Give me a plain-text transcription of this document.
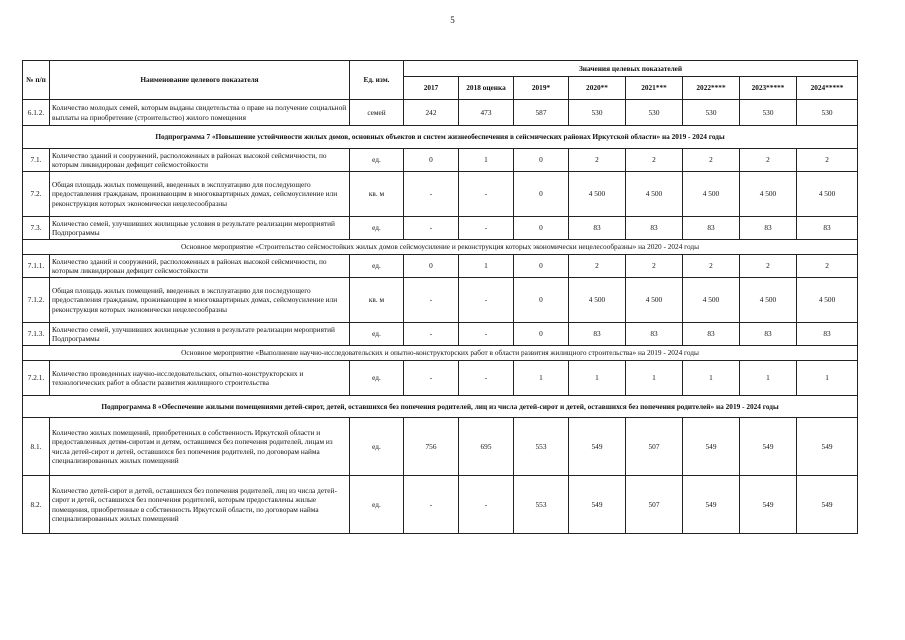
5
№ п/п	Наименование целевого показателя	Ед. изм.	Значения целевых показателей							
			2017	2018 оценка	2019*	2020**	2021***	2022****	2023*****	2024*****
6.1.2.	Количество молодых семей, которым выданы свидетельства о праве на получение социальной выплаты на приобретение (строительство) жилого помещения	семей	242	473	587	530	530	530	530	530
Подпрограмма 7 «Повышение устойчивости жилых домов, основных объектов и систем жизнеобеспечения в сейсмических районах Иркутской области» на 2019 - 2024 годы										
7.1.	Количество зданий и сооружений, расположенных в районах высокой сейсмичности, по которым ликвидирован дефицит сейсмостойкости	ед.	0	1	0	2	2	2	2	2
7.2.	Общая площадь жилых помещений, введенных в эксплуатацию для последующего предоставления гражданам, проживающим в многоквартирных домах, сейсмоусиление или реконструкция которых экономически нецелесообразны	кв. м	-	-	0	4 500	4 500	4 500	4 500	4 500
7.3.	Количество семей, улучшивших жилищные условия в результате реализации мероприятий Подпрограммы	ед.	-	-	0	83	83	83	83	83
Основное мероприятие «Строительство сейсмостойких жилых домов сейсмоусиление и реконструкция которых экономически нецелесообразны» на 2020 - 2024 годы										
7.1.1.	Количество зданий и сооружений, расположенных в районах высокой сейсмичности, по которым ликвидирован дефицит сейсмостойкости	ед.	0	1	0	2	2	2	2	2
7.1.2.	Общая площадь жилых помещений, введенных в эксплуатацию для последующего предоставления гражданам, проживающим в многоквартирных домах, сейсмоусиление или реконструкция которых экономически нецелесообразны	кв. м	-	-	0	4 500	4 500	4 500	4 500	4 500
7.1.3.	Количество семей, улучшивших жилищные условия в результате реализации мероприятий Подпрограммы	ед.	-	-	0	83	83	83	83	83
Основное мероприятие «Выполнение научно-исследовательских и опытно-конструкторских работ в области развития жилищного строительства» на 2019 - 2024 годы										
7.2.1.	Количество проведенных научно-исследовательских, опытно-конструкторских и технологических работ в области развития жилищного строительства	ед.	-	-	1	1	1	1	1	1
Подпрограмма 8 «Обеспечение жилыми помещениями детей-сирот, детей, оставшихся без попечения родителей, лиц из числа детей-сирот и детей, оставшихся без попечения родителей» на 2019 - 2024 годы										
8.1.	Количество жилых помещений, приобретенных в собственность Иркутской области и предоставленных детям-сиротам и детям, оставшимся без попечения родителей, лицам из числа детей-сирот и детей, оставшихся без попечения родителей, по договорам найма специализированных жилых помещений	ед.	756	695	553	549	507	549	549	549
8.2.	Количество детей-сирот и детей, оставшихся без попечения родителей, лиц из числа детей-сирот и детей, оставшихся без попечения родителей, которым предоставлены жилые помещения, приобретенные в собственность Иркутской области, по договорам найма специализированных жилых помещений	ед.	-	-	553	549	507	549	549	549
